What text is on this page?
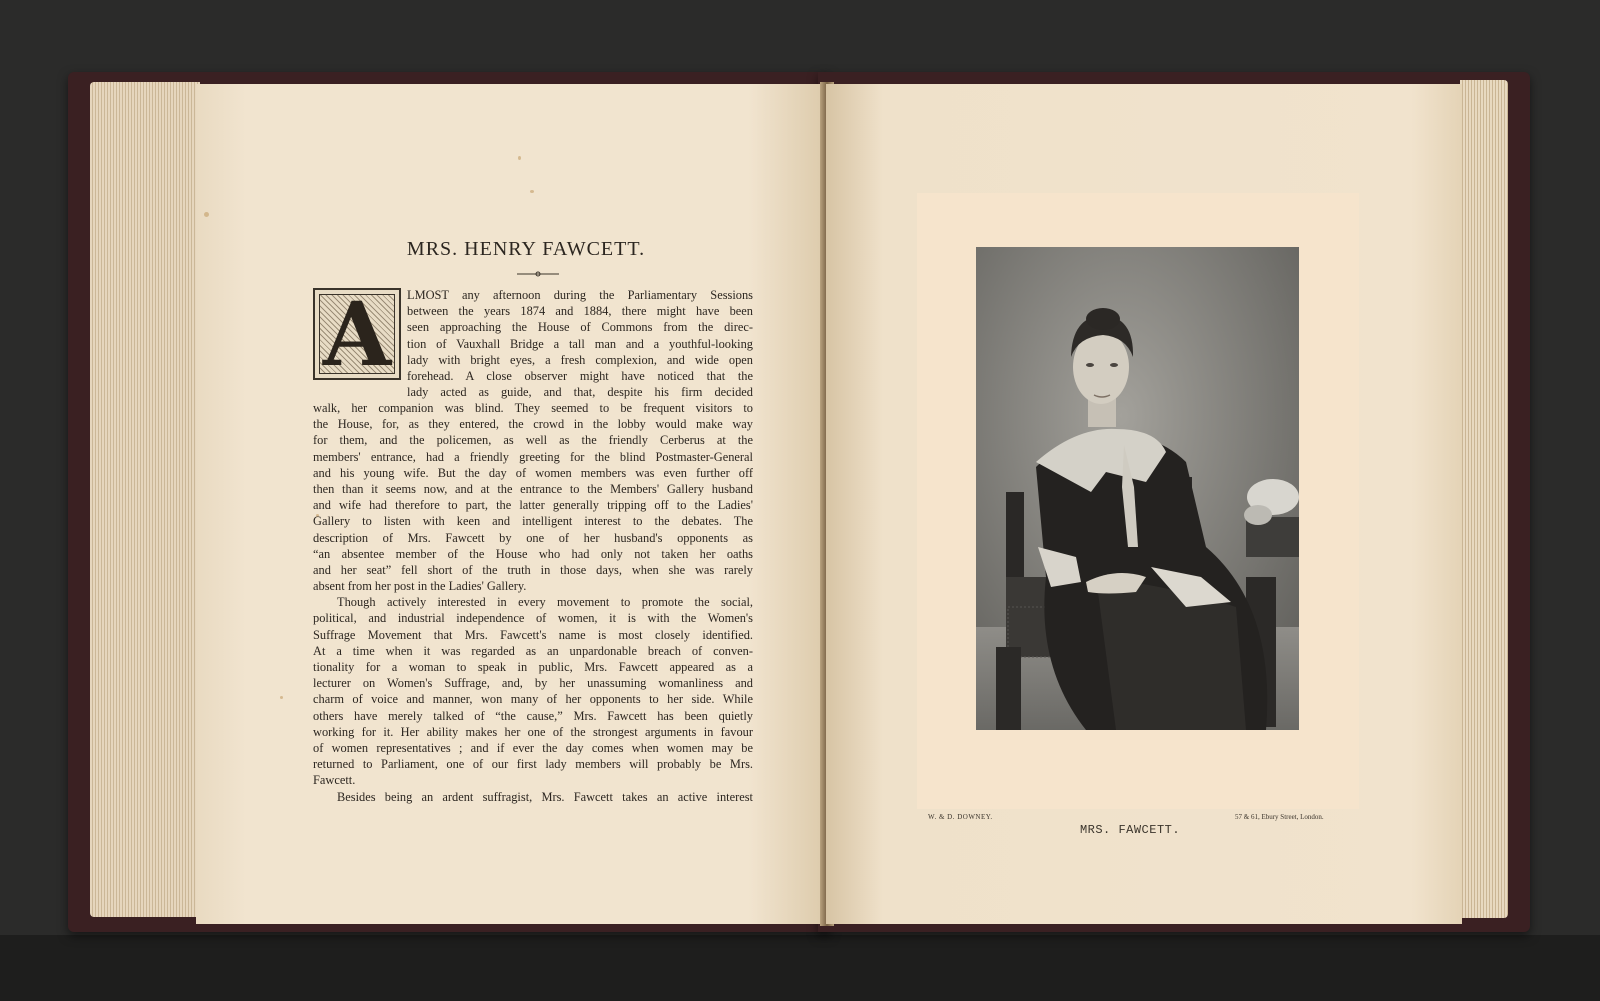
MRS. HENRY FAWCETT.
A LMOST any afternoon during the Parliamentary Sessions
between the years 1874 and 1884, there might have been
seen approaching the House of Commons from the direc-
tion of Vauxhall Bridge a tall man and a youthful-looking
lady with bright eyes, a fresh complexion, and wide open
forehead. A close observer might have noticed that the
lady acted as guide, and that, despite his firm decided
walk, her companion was blind. They seemed to be frequent visitors to
the House, for, as they entered, the crowd in the lobby would make way
for them, and the policemen, as well as the friendly Cerberus at the
members' entrance, had a friendly greeting for the blind Postmaster-General
and his young wife. But the day of women members was even further off
then than it seems now, and at the entrance to the Members' Gallery husband
and wife had therefore to part, the latter generally tripping off to the Ladies'
Gallery to listen with keen and intelligent interest to the debates. The
description of Mrs. Fawcett by one of her husband's opponents as
“an absentee member of the House who had only not taken her oaths
and her seat” fell short of the truth in those days, when she was rarely
absent from her post in the Ladies' Gallery.
Though actively interested in every movement to promote the social,
political, and industrial independence of women, it is with the Women's
Suffrage Movement that Mrs. Fawcett's name is most closely identified.
At a time when it was regarded as an unpardonable breach of conven-
tionality for a woman to speak in public, Mrs. Fawcett appeared as a
lecturer on Women's Suffrage, and, by her unassuming womanliness and
charm of voice and manner, won many of her opponents to her side. While
others have merely talked of “the cause,” Mrs. Fawcett has been quietly
working for it. Her ability makes her one of the strongest arguments in favour
of women representatives ; and if ever the day comes when women may be
returned to Parliament, one of our first lady members will probably be Mrs.
Fawcett.
Besides being an ardent suffragist, Mrs. Fawcett takes an active interest
W. & D. DOWNEY.	57 & 61, Ebury Street, London.
MRS. FAWCETT.
